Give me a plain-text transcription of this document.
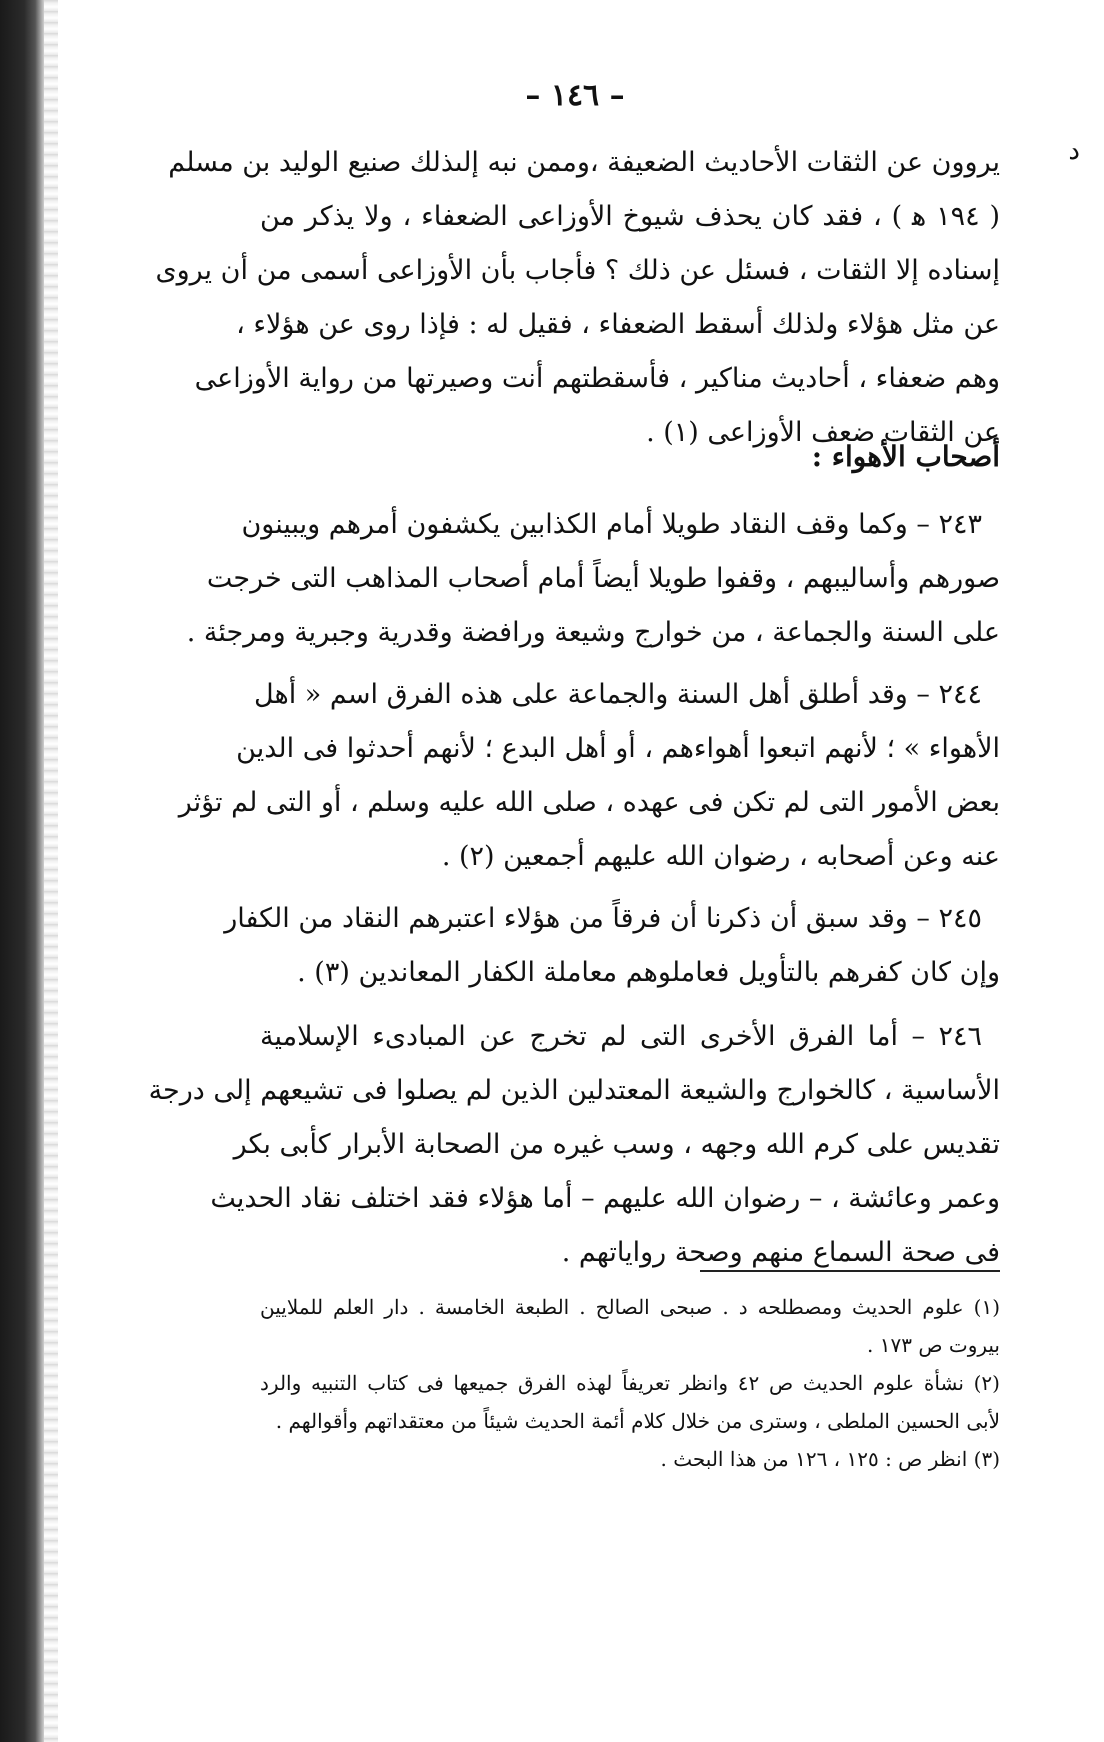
– ١٤٦ –
ﺩ
يروون عن الثقات الأحاديث الضعيفة ،وممن نبه إلىذلك صنيع الوليد بن مسلم
( ١٩٤ ﻫ ) ، فقد كان يحذف شيوخ الأوزاعى الضعفاء ، ولا يذكر من
إسناده إلا الثقات ، فسئل عن ذلك ؟ فأجاب بأن الأوزاعى أسمى من أن يروى
عن مثل هؤلاء ولذلك أسقط الضعفاء ، فقيل له : فإذا روى عن هؤلاء ،
وهم ضعفاء ، أحاديث مناكير ، فأسقطتهم أنت وصيرتها من رواية الأوزاعى
عن الثقات ضعف الأوزاعى (١) .
أصحاب الأهواء :
٢٤٣ – وكما وقف النقاد طويلا أمام الكذابين يكشفون أمرهم ويبينون
صورهم وأساليبهم ، وقفوا طويلا أيضاً أمام أصحاب المذاهب التى خرجت
على السنة والجماعة ، من خوارج وشيعة ورافضة وقدرية وجبرية ومرجئة .
٢٤٤ – وقد أطلق أهل السنة والجماعة على هذه الفرق اسم « أهل
الأهواء » ؛ لأنهم اتبعوا أهواءهم ، أو أهل البدع ؛ لأنهم أحدثوا فى الدين
بعض الأمور التى لم تكن فى عهده ، صلى الله عليه وسلم ، أو التى لم تؤثر
عنه وعن أصحابه ، رضوان الله عليهم أجمعين (٢) .
٢٤٥ – وقد سبق أن ذكرنا أن فرقاً من هؤلاء اعتبرهم النقاد من الكفار
وإن كان كفرهم بالتأويل فعاملوهم معاملة الكفار المعاندين (٣) .
٢٤٦ – أما الفرق الأخرى التى لم تخرج عن المبادىء الإسلامية
الأساسية ، كالخوارج والشيعة المعتدلين الذين لم يصلوا فى تشيعهم إلى درجة
تقديس على كرم الله وجهه ، وسب غيره من الصحابة الأبرار كأبى بكر
وعمر وعائشة ، – رضوان الله عليهم – أما هؤلاء فقد اختلف نقاد الحديث
فى صحة السماع منهم وصحة رواياتهم .
(١) علوم الحديث ومصطلحه د . صبحى الصالح . الطبعة الخامسة . دار العلم للملايين
بيروت ص ١٧٣ .
(٢) نشأة علوم الحديث ص ٤٢ وانظر تعريفاً لهذه الفرق جميعها فى كتاب التنبيه والرد
لأبى الحسين الملطى ، وسترى من خلال كلام أئمة الحديث شيئاً من معتقداتهم وأقوالهم .
(٣) انظر ص : ١٢٥ ، ١٢٦ من هذا البحث .
